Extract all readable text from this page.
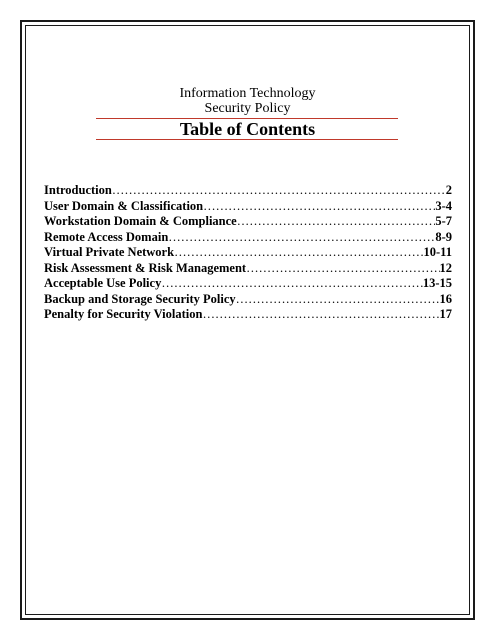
Information Technology
Security Policy
Table of Contents
Introduction ……………………………………………………………………………………………………………………………………………………………	2
User Domain & Classification ……………………………………………………………………………………………………………………………………………………………	3-4
Workstation Domain & Compliance ……………………………………………………………………………………………………………………………………………………………	5-7
Remote Access Domain ……………………………………………………………………………………………………………………………………………………………	8-9
Virtual Private Network ……………………………………………………………………………………………………………………………………………………………	10-11
Risk Assessment & Risk Management ……………………………………………………………………………………………………………………………………………………………	12
Acceptable Use Policy ……………………………………………………………………………………………………………………………………………………………	13-15
Backup and Storage Security Policy ……………………………………………………………………………………………………………………………………………………………	16
Penalty for Security Violation ……………………………………………………………………………………………………………………………………………………………	17
